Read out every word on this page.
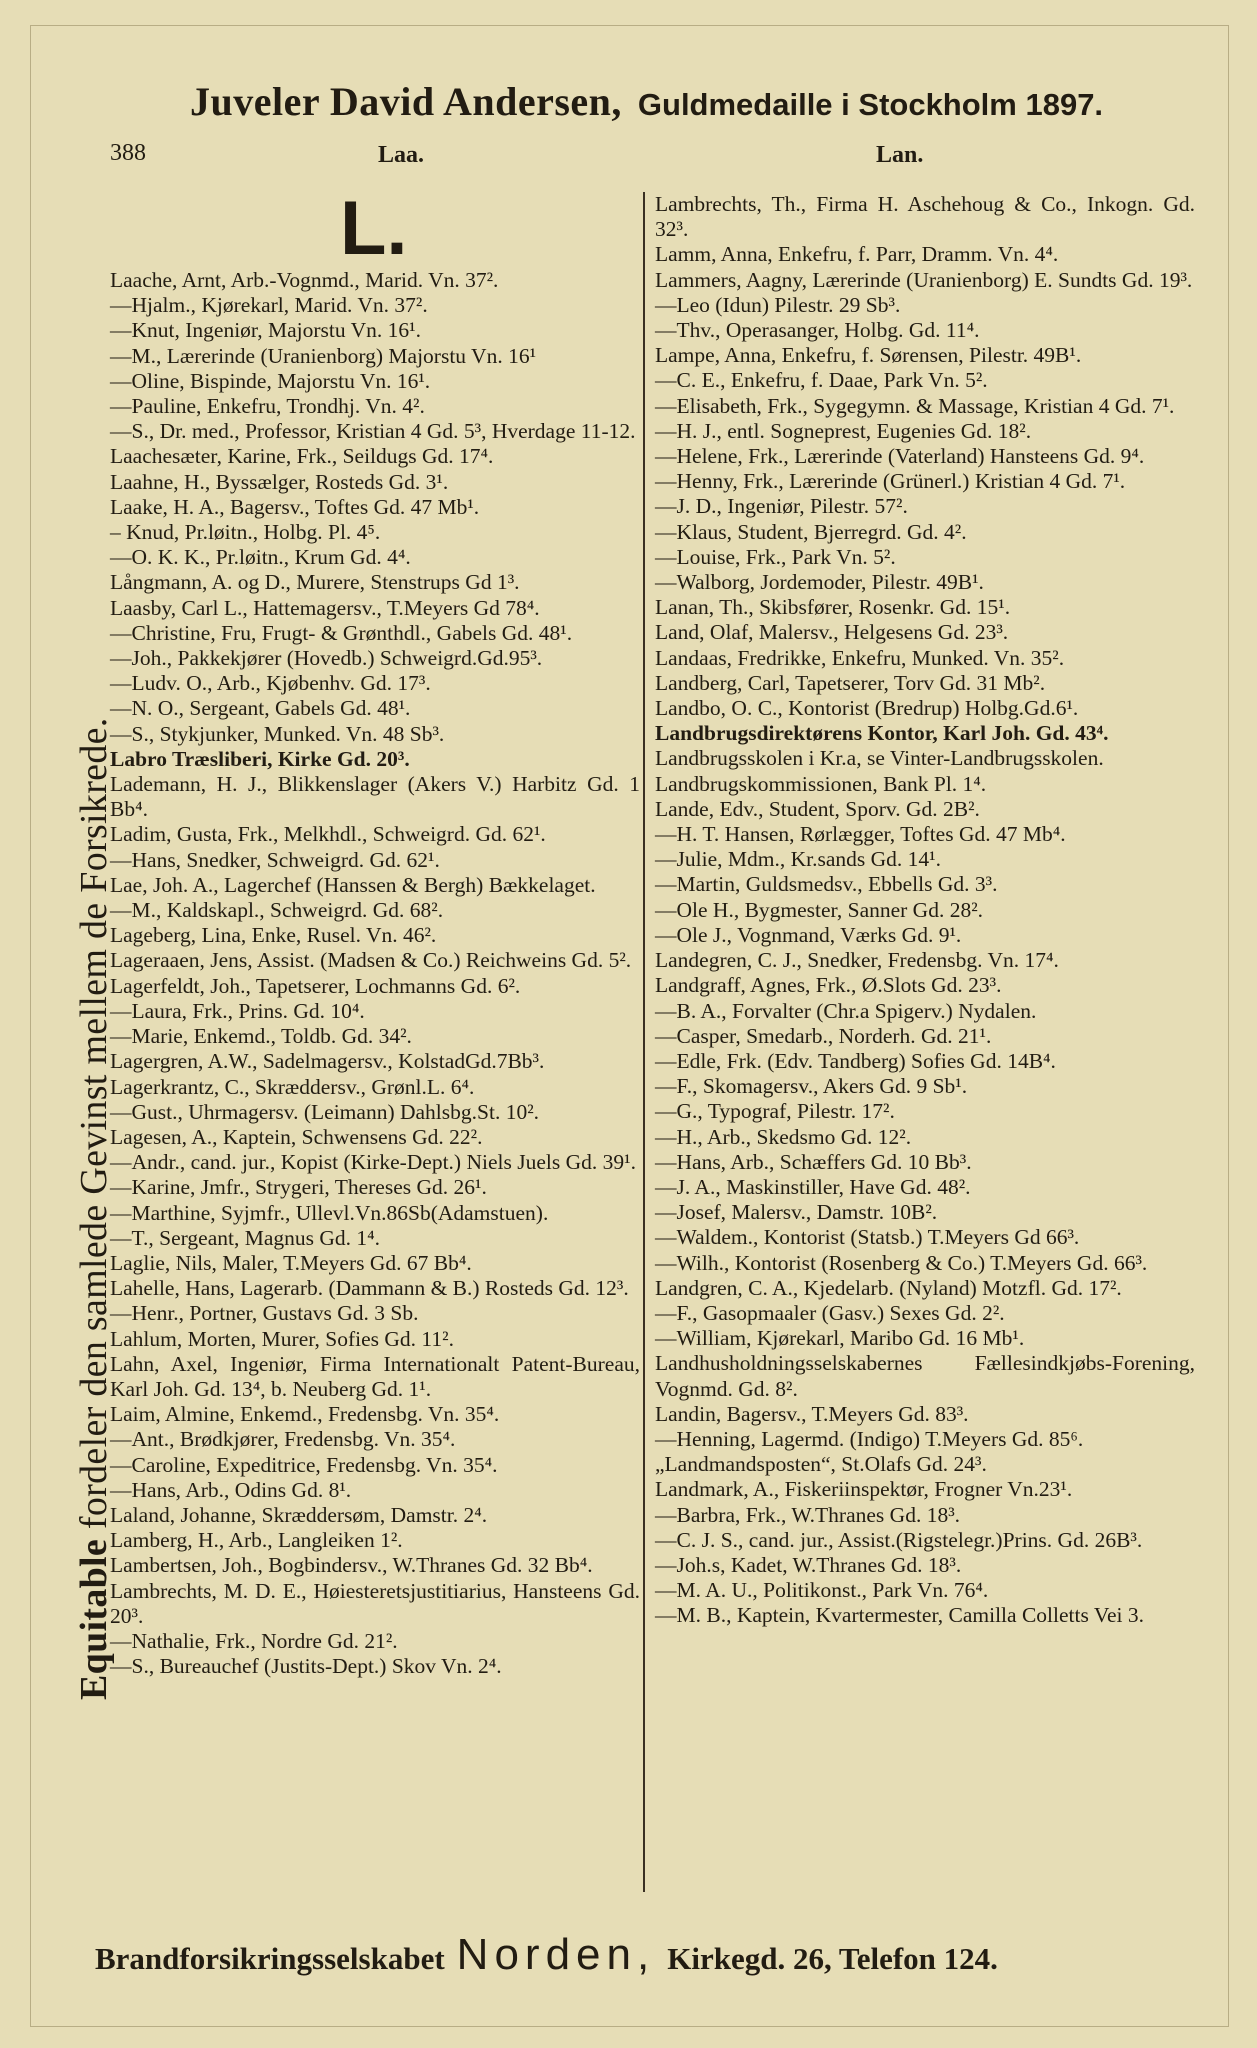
Juveler David Andersen, Guldmedaille i Stockholm 1897.
388	Laa.	Lan.
L.
Equitable fordeler den samlede Gevinst mellem de Forsikrede.
Laache, Arnt, Arb.-Vognmd., Marid. Vn. 37².
—Hjalm., Kjørekarl, Marid. Vn. 37².
—Knut, Ingeniør, Majorstu Vn. 16¹.
—M., Lærerinde (Uranienborg) Majorstu Vn. 16¹
—Oline, Bispinde, Majorstu Vn. 16¹.
—Pauline, Enkefru, Trondhj. Vn. 4².
—S., Dr. med., Professor, Kristian 4 Gd. 5³, Hverdage 11-12.
Laachesæter, Karine, Frk., Seildugs Gd. 17⁴.
Laahne, H., Byssælger, Rosteds Gd. 3¹.
Laake, H. A., Bagersv., Toftes Gd. 47 Mb¹.
– Knud, Pr.løitn., Holbg. Pl. 4⁵.
—O. K. K., Pr.løitn., Krum Gd. 4⁴.
Långmann, A. og D., Murere, Stenstrups Gd 1³.
Laasby, Carl L., Hattemagersv., T.Meyers Gd 78⁴.
—Christine, Fru, Frugt- & Grønthdl., Gabels Gd. 48¹.
—Joh., Pakkekjører (Hovedb.) Schweigrd.Gd.95³.
—Ludv. O., Arb., Kjøbenhv. Gd. 17³.
—N. O., Sergeant, Gabels Gd. 48¹.
—S., Stykjunker, Munked. Vn. 48 Sb³.
Labro Træsliberi, Kirke Gd. 20³.
Lademann, H. J., Blikkenslager (Akers V.) Harbitz Gd. 1 Bb⁴.
Ladim, Gusta, Frk., Melkhdl., Schweigrd. Gd. 62¹.
—Hans, Snedker, Schweigrd. Gd. 62¹.
Lae, Joh. A., Lagerchef (Hanssen & Bergh) Bækkelaget.
—M., Kaldskapl., Schweigrd. Gd. 68².
Lageberg, Lina, Enke, Rusel. Vn. 46².
Lageraaen, Jens, Assist. (Madsen & Co.) Reichweins Gd. 5².
Lagerfeldt, Joh., Tapetserer, Lochmanns Gd. 6².
—Laura, Frk., Prins. Gd. 10⁴.
—Marie, Enkemd., Toldb. Gd. 34².
Lagergren, A.W., Sadelmagersv., KolstadGd.7Bb³.
Lagerkrantz, C., Skræddersv., Grønl.L. 6⁴.
—Gust., Uhrmagersv. (Leimann) Dahlsbg.St. 10².
Lagesen, A., Kaptein, Schwensens Gd. 22².
—Andr., cand. jur., Kopist (Kirke-Dept.) Niels Juels Gd. 39¹.
—Karine, Jmfr., Strygeri, Thereses Gd. 26¹.
—Marthine, Syjmfr., Ullevl.Vn.86Sb(Adamstuen).
—T., Sergeant, Magnus Gd. 1⁴.
Laglie, Nils, Maler, T.Meyers Gd. 67 Bb⁴.
Lahelle, Hans, Lagerarb. (Dammann & B.) Rosteds Gd. 12³.
—Henr., Portner, Gustavs Gd. 3 Sb.
Lahlum, Morten, Murer, Sofies Gd. 11².
Lahn, Axel, Ingeniør, Firma Internationalt Patent-Bureau, Karl Joh. Gd. 13⁴, b. Neuberg Gd. 1¹.
Laim, Almine, Enkemd., Fredensbg. Vn. 35⁴.
—Ant., Brødkjører, Fredensbg. Vn. 35⁴.
—Caroline, Expeditrice, Fredensbg. Vn. 35⁴.
—Hans, Arb., Odins Gd. 8¹.
Laland, Johanne, Skræddersøm, Damstr. 2⁴.
Lamberg, H., Arb., Langleiken 1².
Lambertsen, Joh., Bogbindersv., W.Thranes Gd. 32 Bb⁴.
Lambrechts, M. D. E., Høiesteretsjustitiarius, Hansteens Gd. 20³.
—Nathalie, Frk., Nordre Gd. 21².
—S., Bureauchef (Justits-Dept.) Skov Vn. 2⁴.
Lambrechts, Th., Firma H. Aschehoug & Co., Inkogn. Gd. 32³.
Lamm, Anna, Enkefru, f. Parr, Dramm. Vn. 4⁴.
Lammers, Aagny, Lærerinde (Uranienborg) E. Sundts Gd. 19³.
—Leo (Idun) Pilestr. 29 Sb³.
—Thv., Operasanger, Holbg. Gd. 11⁴.
Lampe, Anna, Enkefru, f. Sørensen, Pilestr. 49B¹.
—C. E., Enkefru, f. Daae, Park Vn. 5².
—Elisabeth, Frk., Sygegymn. & Massage, Kristian 4 Gd. 7¹.
—H. J., entl. Sogneprest, Eugenies Gd. 18².
—Helene, Frk., Lærerinde (Vaterland) Hansteens Gd. 9⁴.
—Henny, Frk., Lærerinde (Grünerl.) Kristian 4 Gd. 7¹.
—J. D., Ingeniør, Pilestr. 57².
—Klaus, Student, Bjerregrd. Gd. 4².
—Louise, Frk., Park Vn. 5².
—Walborg, Jordemoder, Pilestr. 49B¹.
Lanan, Th., Skibsfører, Rosenkr. Gd. 15¹.
Land, Olaf, Malersv., Helgesens Gd. 23³.
Landaas, Fredrikke, Enkefru, Munked. Vn. 35².
Landberg, Carl, Tapetserer, Torv Gd. 31 Mb².
Landbo, O. C., Kontorist (Bredrup) Holbg.Gd.6¹.
Landbrugsdirektørens Kontor, Karl Joh. Gd. 43⁴.
Landbrugsskolen i Kr.a, se Vinter-Landbrugsskolen.
Landbrugskommissionen, Bank Pl. 1⁴.
Lande, Edv., Student, Sporv. Gd. 2B².
—H. T. Hansen, Rørlægger, Toftes Gd. 47 Mb⁴.
—Julie, Mdm., Kr.sands Gd. 14¹.
—Martin, Guldsmedsv., Ebbells Gd. 3³.
—Ole H., Bygmester, Sanner Gd. 28².
—Ole J., Vognmand, Værks Gd. 9¹.
Landegren, C. J., Snedker, Fredensbg. Vn. 17⁴.
Landgraff, Agnes, Frk., Ø.Slots Gd. 23³.
—B. A., Forvalter (Chr.a Spigerv.) Nydalen.
—Casper, Smedarb., Norderh. Gd. 21¹.
—Edle, Frk. (Edv. Tandberg) Sofies Gd. 14B⁴.
—F., Skomagersv., Akers Gd. 9 Sb¹.
—G., Typograf, Pilestr. 17².
—H., Arb., Skedsmo Gd. 12².
—Hans, Arb., Schæffers Gd. 10 Bb³.
—J. A., Maskinstiller, Have Gd. 48².
—Josef, Malersv., Damstr. 10B².
—Waldem., Kontorist (Statsb.) T.Meyers Gd 66³.
—Wilh., Kontorist (Rosenberg & Co.) T.Meyers Gd. 66³.
Landgren, C. A., Kjedelarb. (Nyland) Motzfl. Gd. 17².
—F., Gasopmaaler (Gasv.) Sexes Gd. 2².
—William, Kjørekarl, Maribo Gd. 16 Mb¹.
Landhusholdningsselskabernes Fællesindkjøbs-Forening, Vognmd. Gd. 8².
Landin, Bagersv., T.Meyers Gd. 83³.
—Henning, Lagermd. (Indigo) T.Meyers Gd. 85⁶.
„Landmandsposten“, St.Olafs Gd. 24³.
Landmark, A., Fiskeriinspektør, Frogner Vn.23¹.
—Barbra, Frk., W.Thranes Gd. 18³.
—C. J. S., cand. jur., Assist.(Rigstelegr.)Prins. Gd. 26B³.
—Joh.s, Kadet, W.Thranes Gd. 18³.
—M. A. U., Politikonst., Park Vn. 76⁴.
—M. B., Kaptein, Kvartermester, Camilla Colletts Vei 3.
Brandforsikringsselskabet Norden, Kirkegd. 26, Telefon 124.
